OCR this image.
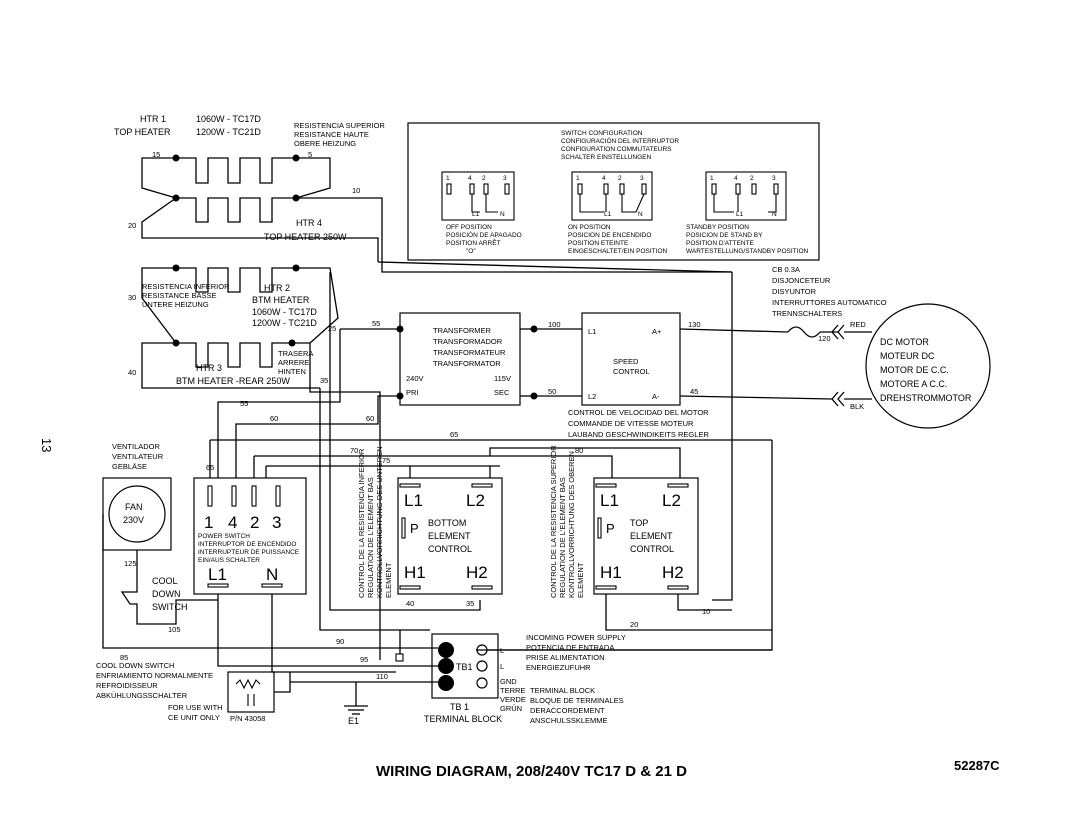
13
HTR 1
TOP HEATER
1060W - TC17D
1200W - TC21D
RESISTENCIA SUPERIOR
RESISTANCE HAUTE
OBERE HEIZUNG
15	5
20
10
HTR 4
TOP HEATER 250W
30
RESISTENCIA INFERIOR
RESISTANCE BASSE
UNTERE HEIZUNG
HTR 2
BTM HEATER
1060W - TC17D
1200W - TC21D
25
40
35
HTR 3
BTM HEATER -REAR 250W
TRASERA
ARRERE
HINTEN
SWITCH CONFIGURATION
CONFIGURACIÓN DEL INTERRUPTOR
CONFIGURATION COMMUTATEURS
SCHALTER EINSTELLUNGEN
1	4 2	3
L1	N
OFF POSITION
POSICIÓN DE APAGADO
POSITION ARRÊT
"O"
1	4 2	3
L1	N
ON POSITION
POSICION DE ENCENDIDO
POSITION ETEINTE
EINGESCHALTET/EIN POSITION
1	4 2	3
L1	N
STANDBY POSITION
POSICION DE STAND BY
POSITION D'ATTENTE
WARTESTELLUNG/STANDBY POSITION
CB 0.3A
DISJONCETEUR
DISYUNTOR
INTERRUTTORES AUTOMATICO
TRENNSCHALTERS
120
RED
BLK
DC MOTOR
MOTEUR DC
MOTOR DE C.C.
MOTORE A C.C.
DREHSTROMMOTOR
TRANSFORMER
TRANSFORMADOR
TRANSFORMATEUR
TRANSFORMATOR
240V	115V
PRI	SEC
L1
L2
A+
A-
SPEED
CONTROL
CONTROL DE VELOCIDAD DEL MOTOR
COMMANDE DE VITESSE MOTEUR
LAUBAND GESCHWINDIKEITS REGLER
100
50
130
45
55
55
60	60
65
65
70	80
75
VENTILADOR
VENTILATEUR
GEBLÄSE
FAN
230V	1 4 2 3
POWER SWITCH
INTERRUPTOR DE ENCENDIDO
INTERRUPTEUR DE PUISSANCE
EIN/AUS SCHALTER
L1 N
125
COOL
DOWN
SWITCH
105
85
COOL DOWN SWITCH
ENFRIAMIENTO NORMALMENTE
REFROIDISSEUR
ABKÜHLUNGSSCHALTER
FOR USE WITH
CE UNIT ONLY P/N 43058
CONTROL DE LA RESISTENCIA INFERIOR REGULATION DE L'ELEMENT BAS KONTROLLVORRICHTUNG DES UNTEREN ELEMENT
L1	L2
P BOTTOM
ELEMENT
CONTROL
H1 H2
40	35
CONTROL DE LA RESISTENCIA SUPERIOR REGULATION DE L'ELEMENT BAS KONTROLLVORRICHTUNG DES OBEREN ELEMENT
L1	L2
P TOP
ELEMENT
CONTROL
H1 H2
20
10
TB1
L
L
GND
TERRE
VERDE
GRÜN
TB 1
TERMINAL BLOCK
INCOMING POWER SUPPLY
POTENCIA DE ENTRADA
PRISE ALIMENTATION
ENERGIEZUFUHR
TERMINAL BLOCK
BLOQUE DE TERMINALES
DERACCORDEMENT
ANSCHULSSKLEMME
90
95
110
E1
WIRING DIAGRAM, 208/240V TC17 D & 21 D	52287C
